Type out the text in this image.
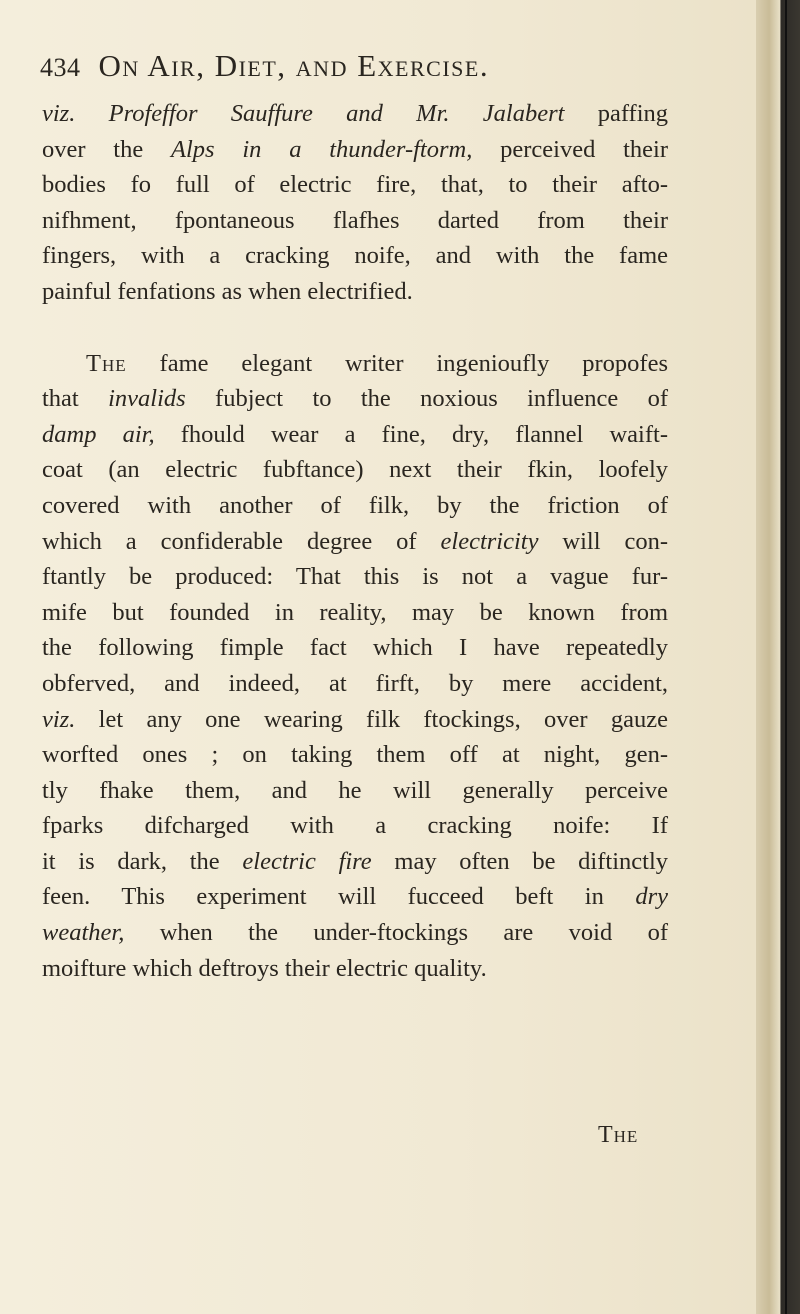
434 On Air, Diet, and Exercise.
viz. Profeffor Sauffure and Mr. Jalabert paffing
over the Alps in a thunder-ftorm, perceived their
bodies fo full of electric fire, that, to their afto-
nifhment, fpontaneous flafhes darted from their
fingers, with a cracking noife, and with the fame
painful fenfations as when electrified.
The fame elegant writer ingenioufly propofes
that invalids fubject to the noxious influence of
damp air, fhould wear a fine, dry, flannel waift-
coat (an electric fubftance) next their fkin, loofely
covered with another of filk, by the friction of
which a confiderable degree of electricity will con-
ftantly be produced: That this is not a vague fur-
mife but founded in reality, may be known from
the following fimple fact which I have repeatedly
obferved, and indeed, at firft, by mere accident,
viz. let any one wearing filk ftockings, over gauze
worfted ones ; on taking them off at night, gen-
tly fhake them, and he will generally perceive
fparks difcharged with a cracking noife: If
it is dark, the electric fire may often be diftinctly
feen. This experiment will fucceed beft in dry
weather, when the under-ftockings are void of
moifture which deftroys their electric quality.
The
